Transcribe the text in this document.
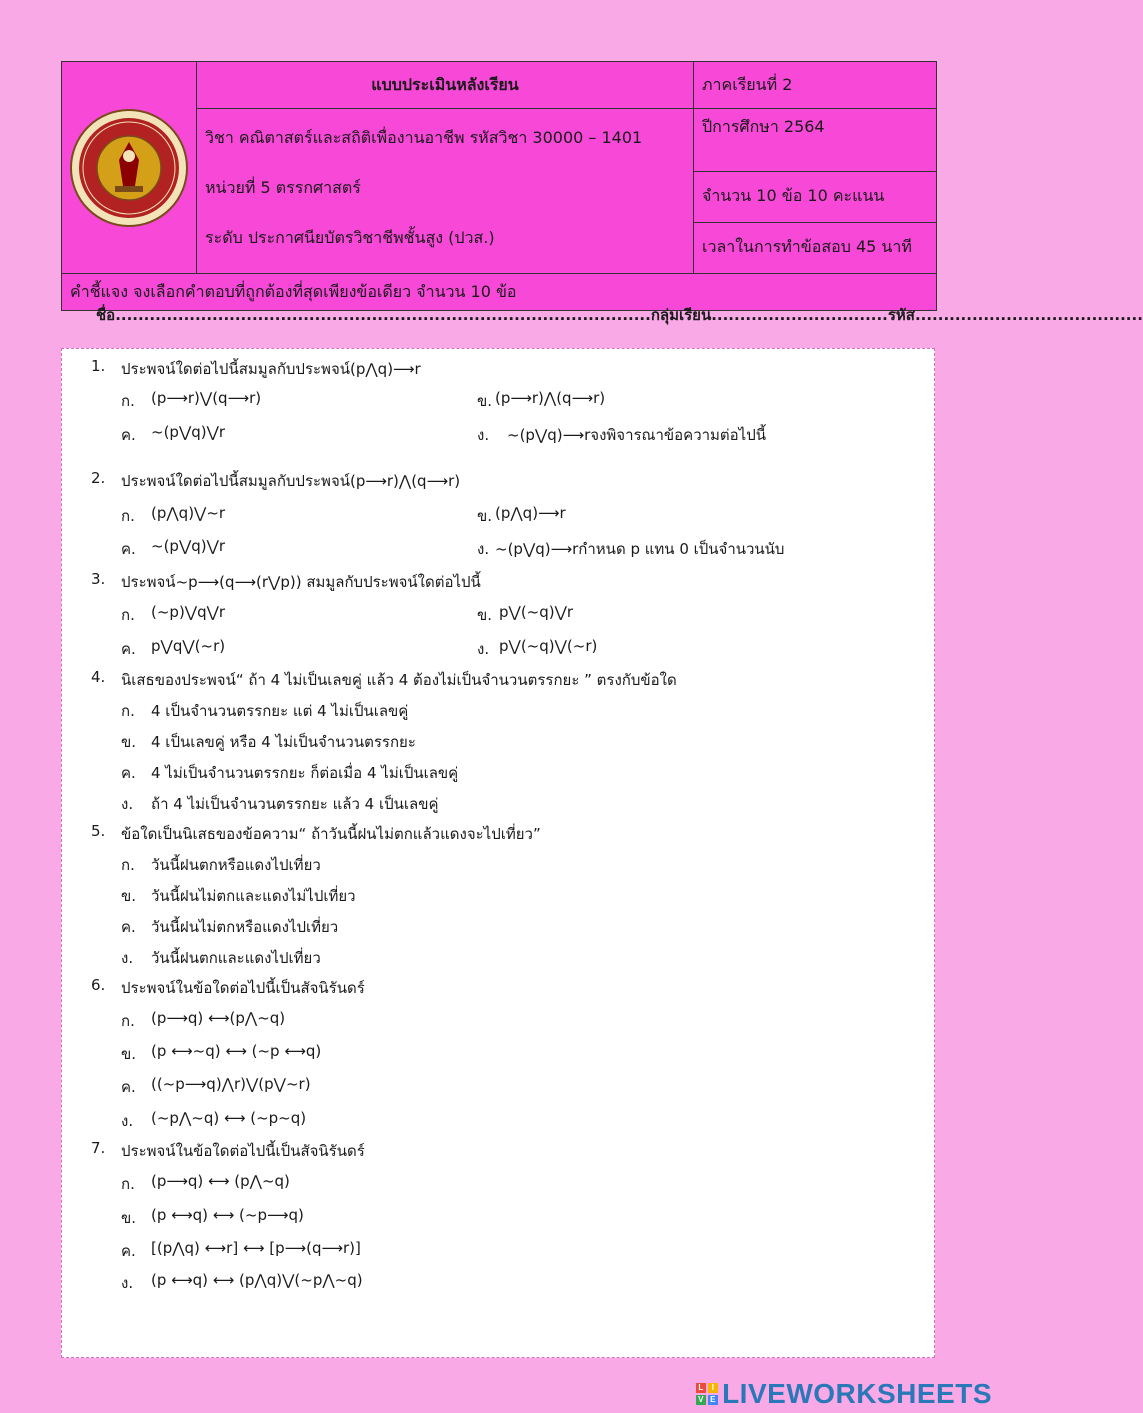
	แบบประเมินหลังเรียน	ภาคเรียนที่ 2

	วิชา คณิตาสตร์และสถิติเพื่องานอาชีพ รหัสวิชา 30000 – 1401
หน่วยที่ 5 ตรรกศาสตร์
ระดับ ประกาศนียบัตรวิชาชีพชั้นสูง (ปวส.)	ปีการศึกษา 2564
		จำนวน 10 ข้อ 10 คะแนน
		เวลาในการทำข้อสอบ 45 นาที
คำชี้แจง จงเลือกคำตอบที่ถูกต้องที่สุดเพียงข้อเดียว จำนวน 10 ข้อ		
ชื่อ..............................................................................................กลุ่มเรียน...............................รหัส........................................
1. ประพจน์ใดต่อไปนี้สมมูลกับประพจน์(p⋀q)⟶r
ก. (p⟶r)⋁(q⟶r)	ข. (p⟶r)⋀(q⟶r)
ค. ~(p⋁q)⋁r	ง. ~(p⋁q)⟶rจงพิจารณาข้อความต่อไปนี้
2. ประพจน์ใดต่อไปนี้สมมูลกับประพจน์(p⟶r)⋀(q⟶r)
ก. (p⋀q)⋁~r	ข. (p⋀q)⟶r
ค. ~(p⋁q)⋁r	ง. ~(p⋁q)⟶rกำหนด p แทน 0 เป็นจำนวนนับ
3. ประพจน์~p⟶(q⟶(r⋁p)) สมมูลกับประพจน์ใดต่อไปนี้
ก. (~p)⋁q⋁r	ข. p⋁(~q)⋁r
ค. p⋁q⋁(~r)	ง. p⋁(~q)⋁(~r)
4. นิเสธของประพจน์“ ถ้า 4 ไม่เป็นเลขคู่ แล้ว 4 ต้องไม่เป็นจำนวนตรรกยะ ” ตรงกับข้อใด
ก. 4 เป็นจำนวนตรรกยะ แต่ 4 ไม่เป็นเลขคู่
ข. 4 เป็นเลขคู่ หรือ 4 ไม่เป็นจำนวนตรรกยะ
ค. 4 ไม่เป็นจำนวนตรรกยะ ก็ต่อเมื่อ 4 ไม่เป็นเลขคู่
ง. ถ้า 4 ไม่เป็นจำนวนตรรกยะ แล้ว 4 เป็นเลขคู่
5. ข้อใดเป็นนิเสธของข้อความ“ ถ้าวันนี้ฝนไม่ตกแล้วแดงจะไปเที่ยว”
ก. วันนี้ฝนตกหรือแดงไปเที่ยว
ข. วันนี้ฝนไม่ตกและแดงไม่ไปเที่ยว
ค. วันนี้ฝนไม่ตกหรือแดงไปเที่ยว
ง. วันนี้ฝนตกและแดงไปเที่ยว
6. ประพจน์ในข้อใดต่อไปนี้เป็นสัจนิรันดร์
ก. (p⟶q) ⟷(p⋀~q)
ข. (p ⟷~q) ⟷ (~p ⟷q)
ค. ((~p⟶q)⋀r)⋁(p⋁~r)
ง. (~p⋀~q) ⟷ (~p~q)
7. ประพจน์ในข้อใดต่อไปนี้เป็นสัจนิรันดร์
ก. (p⟶q) ⟷ (p⋀~q)
ข. (p ⟷q) ⟷ (~p⟶q)
ค. [(p⋀q) ⟷r] ⟷ [p⟶(q⟶r)]
ง. (p ⟷q) ⟷ (p⋀q)⋁(~p⋀~q)
L I
V E LIVEWORKSHEETS
